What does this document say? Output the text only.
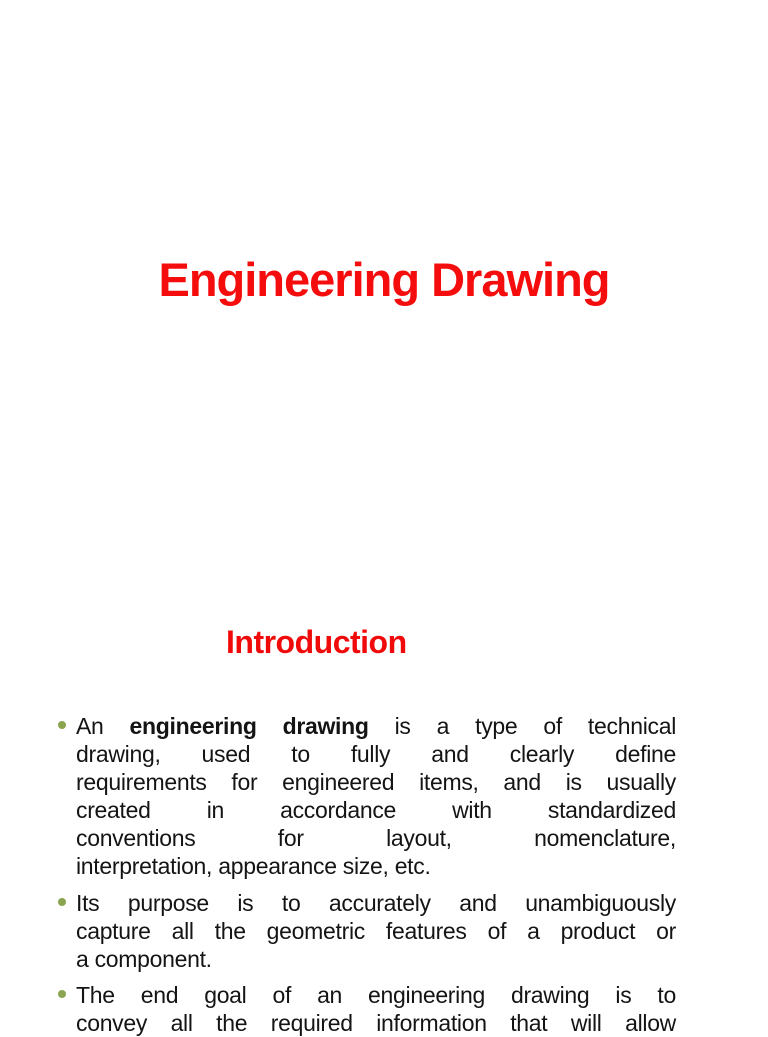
Engineering Drawing
Introduction
An engineering drawing is a type of technical
drawing, used to fully and clearly define
requirements for engineered items, and is usually
created in accordance with standardized
conventions for layout, nomenclature,
interpretation, appearance size, etc.
Its purpose is to accurately and unambiguously
capture all the geometric features of a product or
a component.
The end goal of an engineering drawing is to
convey all the required information that will allow
